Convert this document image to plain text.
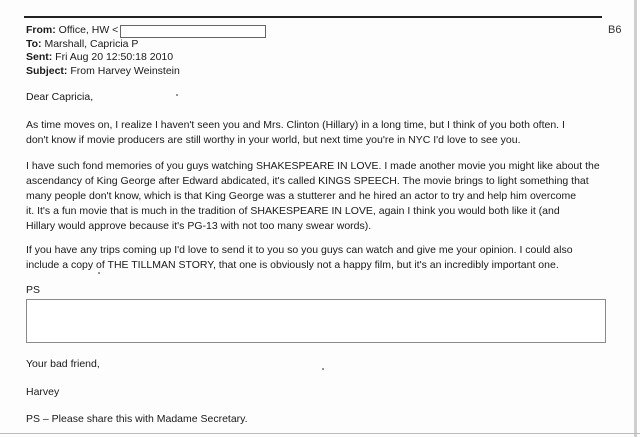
From: Office, HW <
To: Marshall, Capricia P
Sent: Fri Aug 20 12:50:18 2010
Subject: From Harvey Weinstein
B6
Dear Capricia,
As time moves on, I realize I haven't seen you and Mrs. Clinton (Hillary) in a long time, but I think of you both often. I
don't know if movie producers are still worthy in your world, but next time you're in NYC I'd love to see you.
I have such fond memories of you guys watching SHAKESPEARE IN LOVE. I made another movie you might like about the
ascendancy of King George after Edward abdicated, it's called KINGS SPEECH. The movie brings to light something that
many people don't know, which is that King George was a stutterer and he hired an actor to try and help him overcome
it. It's a fun movie that is much in the tradition of SHAKESPEARE IN LOVE, again I think you would both like it (and
Hillary would approve because it's PG-13 with not too many swear words).
If you have any trips coming up I'd love to send it to you so you guys can watch and give me your opinion. I could also
include a copy of THE TILLMAN STORY, that one is obviously not a happy film, but it's an incredibly important one.
PS
Your bad friend,
Harvey
PS – Please share this with Madame Secretary.
